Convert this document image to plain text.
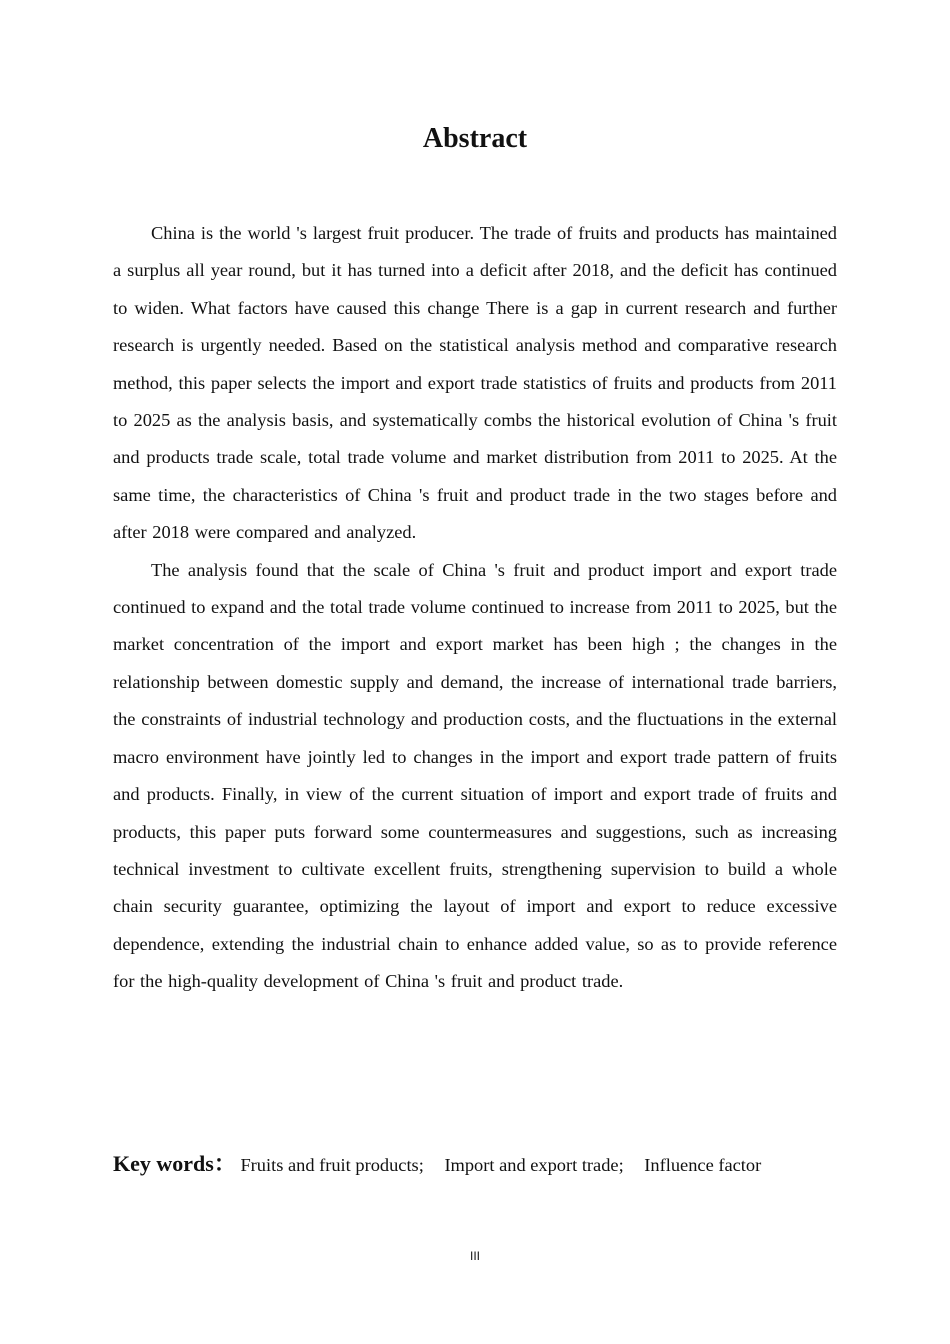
Abstract

China is the world 's largest fruit producer. The trade of fruits and products has maintained a surplus all year round, but it has turned into a deficit after 2018, and the deficit has continued to widen. What factors have caused this change There is a gap in current research and further research is urgently needed. Based on the statistical analysis method and comparative research method, this paper selects the import and export trade statistics of fruits and products from 2011 to 2025 as the analysis basis, and systematically combs the historical evolution of China 's fruit and products trade scale, total trade volume and market distribution from 2011 to 2025. At the same time, the characteristics of China 's fruit and product trade in the two stages before and after 2018 were compared and analyzed.

The analysis found that the scale of China 's fruit and product import and export trade continued to expand and the total trade volume continued to increase from 2011 to 2025, but the market concentration of the import and export market has been high ; the changes in the relationship between domestic supply and demand, the increase of international trade barriers, the constraints of industrial technology and production costs, and the fluctuations in the external macro environment have jointly led to changes in the import and export trade pattern of fruits and products. Finally, in view of the current situation of import and export trade of fruits and products, this paper puts forward some countermeasures and suggestions, such as increasing technical investment to cultivate excellent fruits, strengthening supervision to build a whole chain security guarantee, optimizing the layout of import and export to reduce excessive dependence, extending the industrial chain to enhance added value, so as to provide reference for the high-quality development of China 's fruit and product trade.

Key words： Fruits and fruit products; Import and export trade; Influence factor
III
